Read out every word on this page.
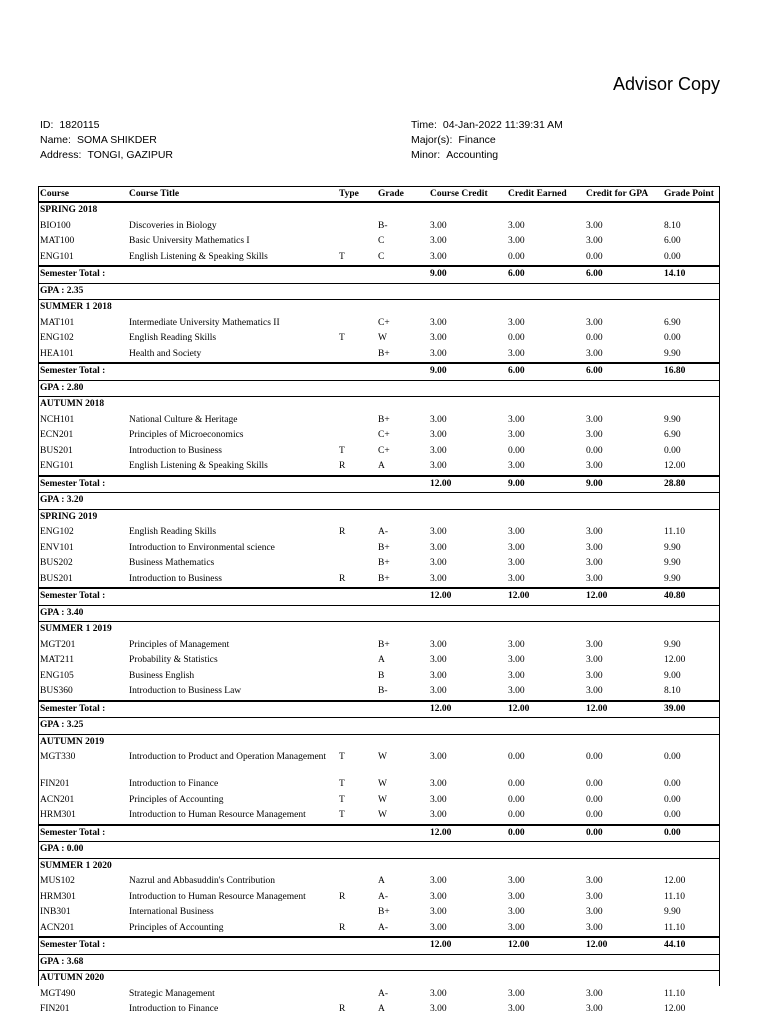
Advisor Copy
ID: 1820115
Name: SOMA SHIKDER
Address: TONGI, GAZIPUR
Time: 04-Jan-2022 11:39:31 AM
Major(s): Finance
Minor: Accounting
Course	Course Title	Type	Grade	Course Credit	Credit Earned	Credit for GPA	Grade Point
SPRING 2018							
BIO100	Discoveries in Biology		B-	3.00	3.00	3.00	8.10
MAT100	Basic University Mathematics I		C	3.00	3.00	3.00	6.00
ENG101	English Listening & Speaking Skills	T	C	3.00	0.00	0.00	0.00
Semester Total :				9.00	6.00	6.00	14.10
GPA : 2.35							
SUMMER 1 2018							
MAT101	Intermediate University Mathematics II		C+	3.00	3.00	3.00	6.90
ENG102	English Reading Skills	T	W	3.00	0.00	0.00	0.00
HEA101	Health and Society		B+	3.00	3.00	3.00	9.90
Semester Total :				9.00	6.00	6.00	16.80
GPA : 2.80							
AUTUMN 2018							
NCH101	National Culture & Heritage		B+	3.00	3.00	3.00	9.90
ECN201	Principles of Microeconomics		C+	3.00	3.00	3.00	6.90
BUS201	Introduction to Business	T	C+	3.00	0.00	0.00	0.00
ENG101	English Listening & Speaking Skills	R	A	3.00	3.00	3.00	12.00
Semester Total :				12.00	9.00	9.00	28.80
GPA : 3.20							
SPRING 2019							
ENG102	English Reading Skills	R	A-	3.00	3.00	3.00	11.10
ENV101	Introduction to Environmental science		B+	3.00	3.00	3.00	9.90
BUS202	Business Mathematics		B+	3.00	3.00	3.00	9.90
BUS201	Introduction to Business	R	B+	3.00	3.00	3.00	9.90
Semester Total :				12.00	12.00	12.00	40.80
GPA : 3.40							
SUMMER 1 2019							
MGT201	Principles of Management		B+	3.00	3.00	3.00	9.90
MAT211	Probability & Statistics		A	3.00	3.00	3.00	12.00
ENG105	Business English		B	3.00	3.00	3.00	9.00
BUS360	Introduction to Business Law		B-	3.00	3.00	3.00	8.10
Semester Total :				12.00	12.00	12.00	39.00
GPA : 3.25							
AUTUMN 2019							
MGT330	Introduction to Product and Operation Management	T	W	3.00	0.00	0.00	0.00
FIN201	Introduction to Finance	T	W	3.00	0.00	0.00	0.00
ACN201	Principles of Accounting	T	W	3.00	0.00	0.00	0.00
HRM301	Introduction to Human Resource Management	T	W	3.00	0.00	0.00	0.00
Semester Total :				12.00	0.00	0.00	0.00
GPA : 0.00							
SUMMER 1 2020							
MUS102	Nazrul and Abbasuddin's Contribution		A	3.00	3.00	3.00	12.00
HRM301	Introduction to Human Resource Management	R	A-	3.00	3.00	3.00	11.10
INB301	International Business		B+	3.00	3.00	3.00	9.90
ACN201	Principles of Accounting	R	A-	3.00	3.00	3.00	11.10
Semester Total :				12.00	12.00	12.00	44.10
GPA : 3.68							
AUTUMN 2020							
MGT490	Strategic Management		A-	3.00	3.00	3.00	11.10
FIN201	Introduction to Finance	R	A	3.00	3.00	3.00	12.00
